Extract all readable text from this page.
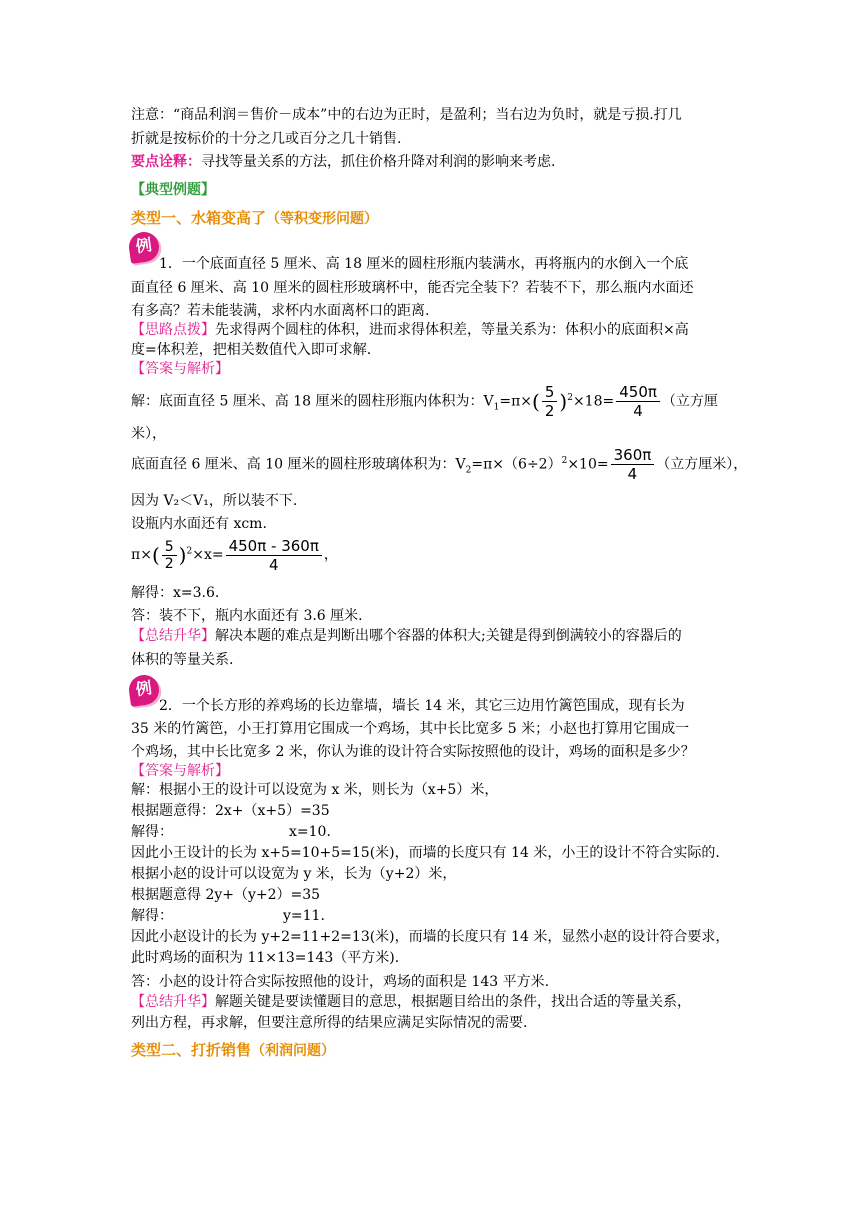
注意：“商品利润＝售价－成本”中的右边为正时，是盈利；当右边为负时，就是亏损.打几
折就是按标价的十分之几或百分之几十销售.
要点诠释：寻找等量关系的方法，抓住价格升降对利润的影响来考虑.
【典型例题】
类型一、水箱变高了（等积变形问题）
例
1．一个底面直径 5 厘米、高 18 厘米的圆柱形瓶内装满水，再将瓶内的水倒入一个底
面直径 6 厘米、高 10 厘米的圆柱形玻璃杯中，能否完全装下？若装不下，那么瓶内水面还
有多高？若未能装满，求杯内水面离杯口的距离.
【思路点拨】先求得两个圆柱的体积，进而求得体积差，等量关系为：体积小的底面积×高
度=体积差，把相关数值代入即可求解.
【答案与解析】
解：底面直径 5 厘米、高 18 厘米的圆柱形瓶内体积为：$V_1=\pi\times( \frac{5}{2} )^2\times 18= \frac{450\pi}{4}$ （立方厘
米），
底面直径 6 厘米、高 10 厘米的圆柱形玻璃体积为：$V_2=\pi\times(6\div 2)^2\times 10= \frac{360\pi}{4}$ （立方厘米），
因为 V₂＜V₁，所以装不下.
设瓶内水面还有 xcm.
$\pi\times( \frac{5}{2} )^2\times x= \frac{450\pi - 360\pi}{4}$ ，
解得：x=3.6.
答：装不下，瓶内水面还有 3.6 厘米.
【总结升华】解决本题的难点是判断出哪个容器的体积大;关键是得到倒满较小的容器后的
体积的等量关系.
例
2．一个长方形的养鸡场的长边靠墙，墙长 14 米，其它三边用竹篱笆围成，现有长为
35 米的竹篱笆，小王打算用它围成一个鸡场，其中长比宽多 5 米；小赵也打算用它围成一
个鸡场，其中长比宽多 2 米，你认为谁的设计符合实际按照他的设计，鸡场的面积是多少？
【答案与解析】
解：根据小王的设计可以设宽为 x 米，则长为（x+5）米，
根据题意得：2x+（x+5）=35
解得：	x=10.
因此小王设计的长为 x+5=10+5=15(米)，而墙的长度只有 14 米，小王的设计不符合实际的.
根据小赵的设计可以设宽为 y 米，长为（y+2）米，
根据题意得 2y+（y+2）=35
解得：	y=11.
因此小赵设计的长为 y+2=11+2=13(米)，而墙的长度只有 14 米，显然小赵的设计符合要求，
此时鸡场的面积为 11×13=143（平方米).
答：小赵的设计符合实际按照他的设计，鸡场的面积是 143 平方米.
【总结升华】解题关键是要读懂题目的意思，根据题目给出的条件，找出合适的等量关系，
列出方程，再求解，但要注意所得的结果应满足实际情况的需要.
类型二、打折销售（利润问题）
